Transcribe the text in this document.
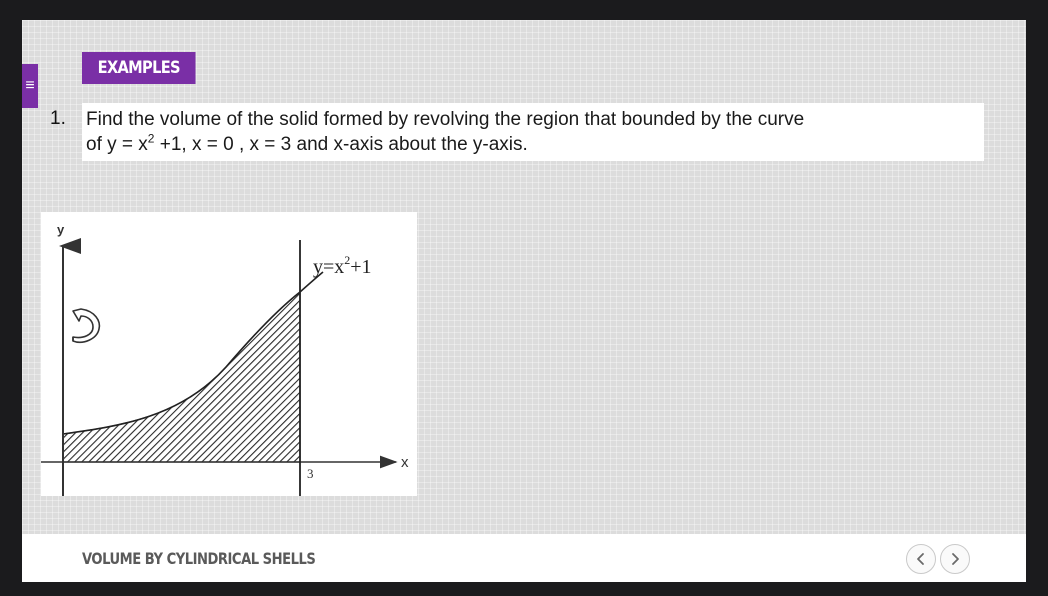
≡
EXAMPLES
1. Find the volume of the solid formed by revolving the region that bounded by the curve
of $y = x^2 +1$, x = 0 , x = 3 and x-axis about the y-axis.
y
x
3
$y=x^2+1$
VOLUME BY CYLINDRICAL SHELLS
